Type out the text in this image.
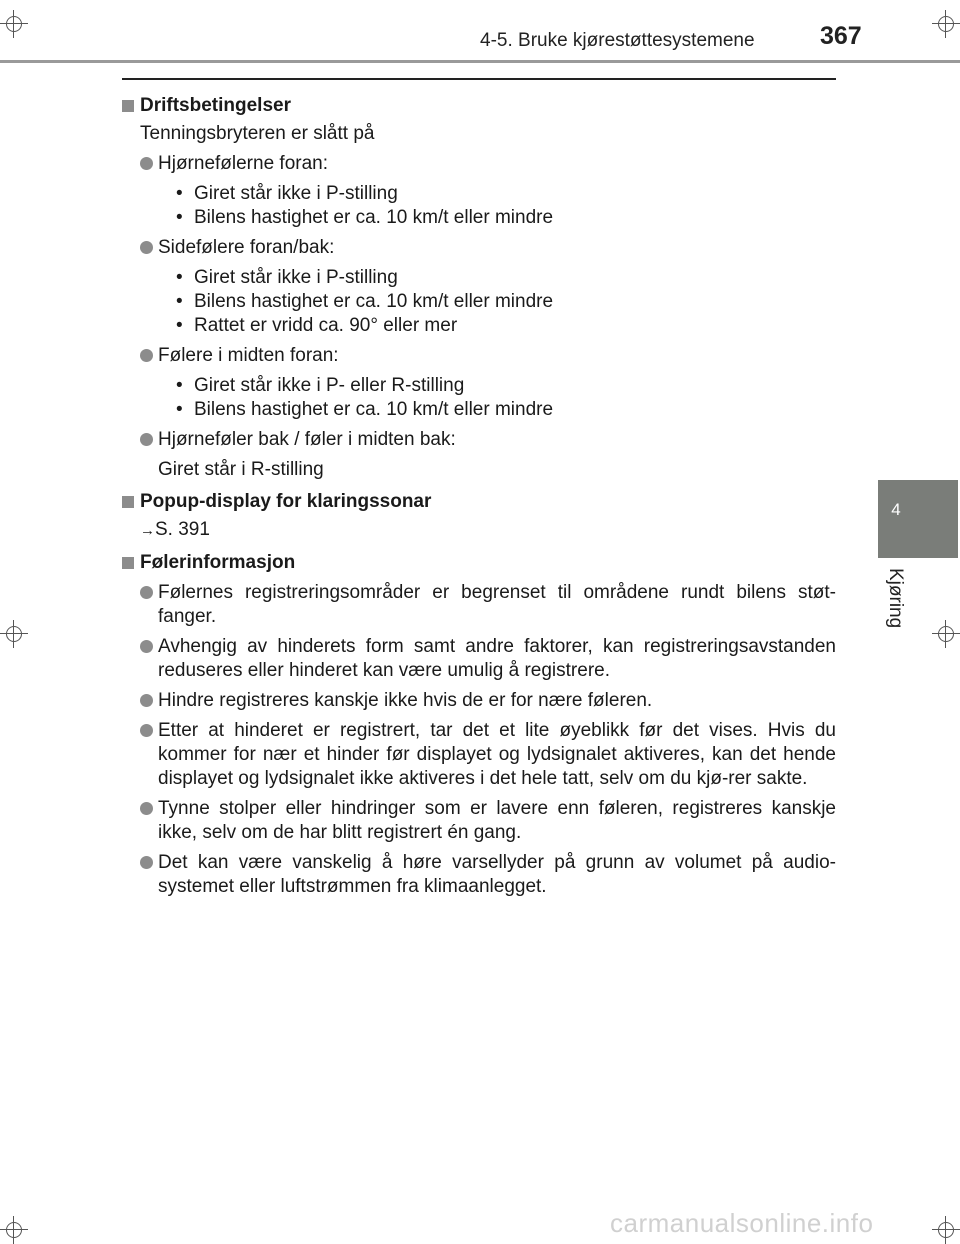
4-5. Bruke kjørestøttesystemene	367
4
Kjøring
Driftsbetingelser
Tenningsbryteren er slått på
Hjørnefølerne foran:
• Giret står ikke i P-stilling
• Bilens hastighet er ca. 10 km/t eller mindre
Sidefølere foran/bak:
• Giret står ikke i P-stilling
• Bilens hastighet er ca. 10 km/t eller mindre
• Rattet er vridd ca. 90° eller mer
Følere i midten foran:
• Giret står ikke i P- eller R-stilling
• Bilens hastighet er ca. 10 km/t eller mindre
Hjørneføler bak / føler i midten bak:
Giret står i R-stilling
Popup-display for klaringssonar
→S. 391
Følerinformasjon
Følernes registreringsområder er begrenset til områdene rundt bilens støt-fanger.
Avhengig av hinderets form samt andre faktorer, kan registreringsavstanden reduseres eller hinderet kan være umulig å registrere.
Hindre registreres kanskje ikke hvis de er for nære føleren.
Etter at hinderet er registrert, tar det et lite øyeblikk før det vises. Hvis du kommer for nær et hinder før displayet og lydsignalet aktiveres, kan det hende displayet og lydsignalet ikke aktiveres i det hele tatt, selv om du kjø-rer sakte.
Tynne stolper eller hindringer som er lavere enn føleren, registreres kanskje ikke, selv om de har blitt registrert én gang.
Det kan være vanskelig å høre varsellyder på grunn av volumet på audio-systemet eller luftstrømmen fra klimaanlegget.
carmanualsonline.info
